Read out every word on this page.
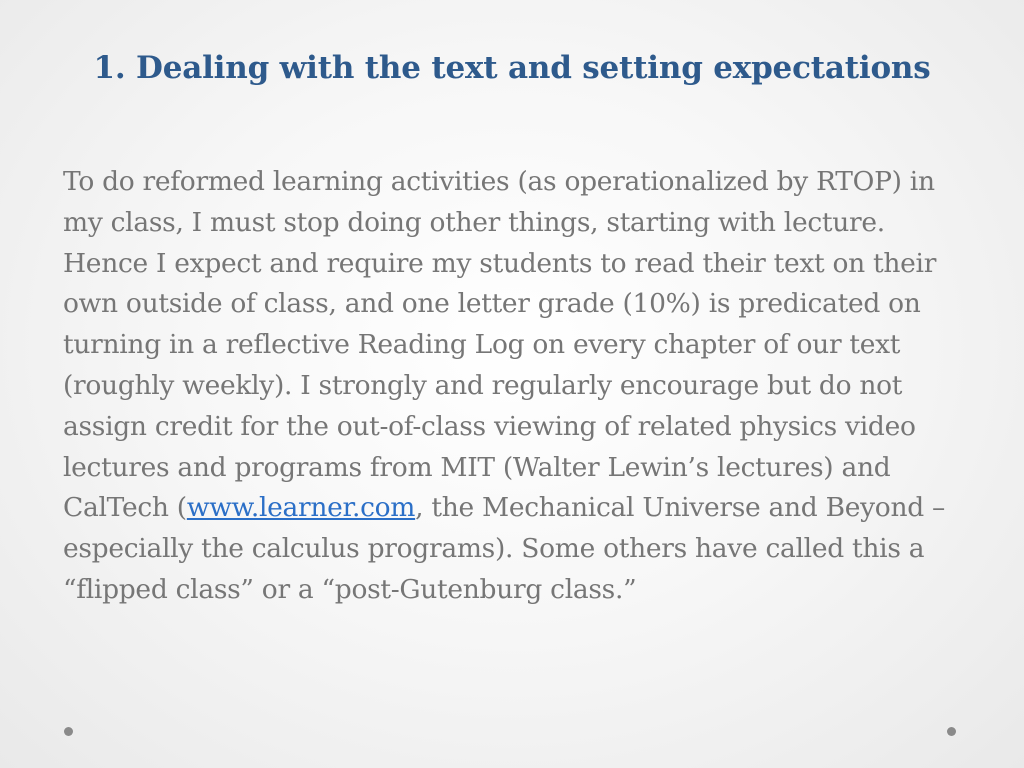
1. Dealing with the text and setting expectations

To do reformed learning activities (as operationalized by RTOP) in my class, I must stop doing other things, starting with lecture. Hence I expect and require my students to read their text on their own outside of class, and one letter grade (10%) is predicated on turning in a reflective Reading Log on every chapter of our text (roughly weekly). I strongly and regularly encourage but do not assign credit for the out-of-class viewing of related physics video lectures and programs from MIT (Walter Lewin’s lectures) and CalTech (www.learner.com, the Mechanical Universe and Beyond – especially the calculus programs). Some others have called this a “flipped class” or a “post-Gutenburg class.”
